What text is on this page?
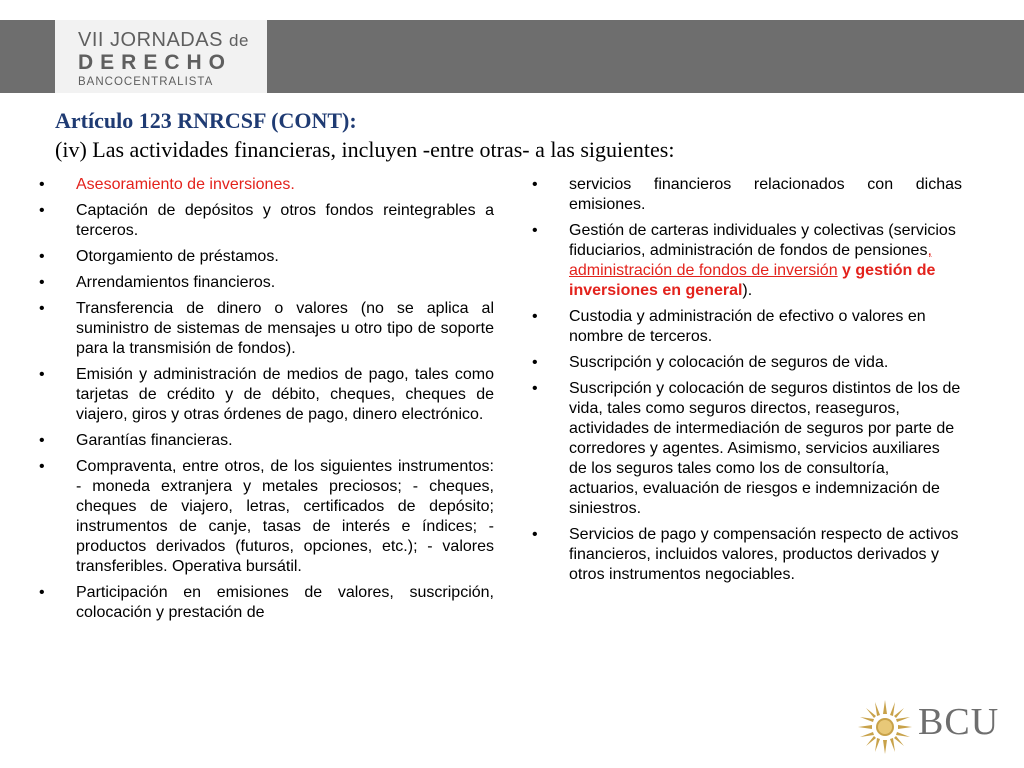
VII JORNADAS de
DERECHO
BANCOCENTRALISTA
Artículo 123 RNRCSF (CONT):
(iv) Las actividades financieras, incluyen -entre otras- a las siguientes:
• Asesoramiento de inversiones.
• Captación de depósitos y otros fondos reintegrables a terceros.
• Otorgamiento de préstamos.
• Arrendamientos financieros.
• Transferencia de dinero o valores (no se aplica al suministro de sistemas de mensajes u otro tipo de soporte para la transmisión de fondos).
• Emisión y administración de medios de pago, tales como tarjetas de crédito y de débito, cheques, cheques de viajero, giros y otras órdenes de pago, dinero electrónico.
• Garantías financieras.
• Compraventa, entre otros, de los siguientes instrumentos: - moneda extranjera y metales preciosos; - cheques, cheques de viajero, letras, certificados de depósito; instrumentos de canje, tasas de interés e índices; - productos derivados (futuros, opciones, etc.); - valores transferibles. Operativa bursátil.
• Participación en emisiones de valores, suscripción, colocación y prestación de
• servicios financieros relacionados con dichas emisiones.
• Gestión de carteras individuales y colectivas (servicios fiduciarios, administración de fondos de pensiones, administración de fondos de inversión y gestión de inversiones en general).
• Custodia y administración de efectivo o valores en nombre de terceros.
• Suscripción y colocación de seguros de vida.
• Suscripción y colocación de seguros distintos de los de vida, tales como seguros directos, reaseguros, actividades de intermediación de seguros por parte de corredores y agentes. Asimismo, servicios auxiliares de los seguros tales como los de consultoría, actuarios, evaluación de riesgos e indemnización de siniestros.
• Servicios de pago y compensación respecto de activos financieros, incluidos valores, productos derivados y otros instrumentos negociables.
BCU
